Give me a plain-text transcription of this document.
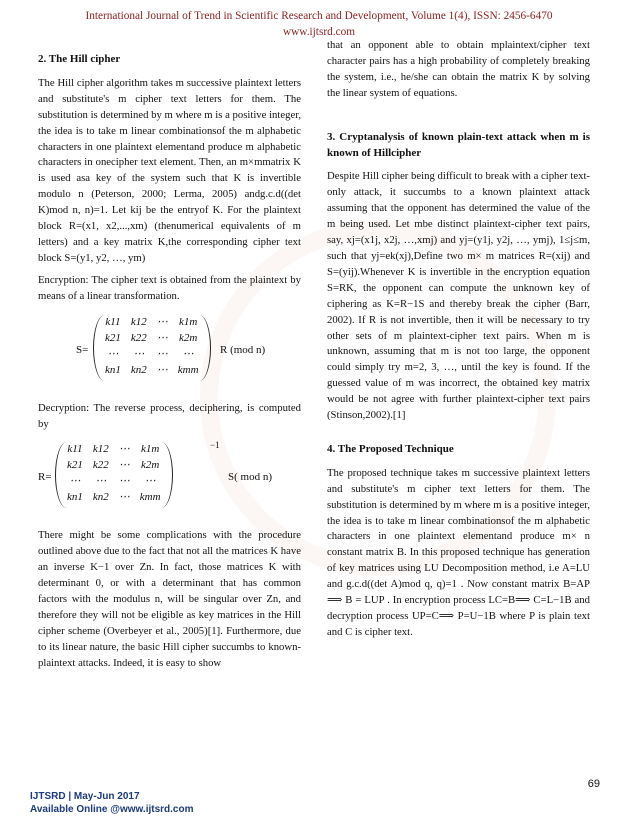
International Journal of Trend in Scientific Research and Development, Volume 1(4), ISSN: 2456-6470
www.ijtsrd.com
2. The Hill cipher

The Hill cipher algorithm takes m successive plaintext letters and substitute's m cipher text letters for them. The substitution is determined by m where m is a positive integer, the idea is to take m linear combinationsof the m alphabetic characters in one plaintext elementand produce m alphabetic characters in onecipher text element. Then, an m×mmatrix K is used asa key of the system such that K is invertible modulo n (Peterson, 2000; Lerma, 2005) andg.c.d((det K)mod n, n)=1. Let kij be the entryof K. For the plaintext block R=(x1, x2,...,xm) (thenumerical equivalents of m letters) and a key matrix K,the corresponding cipher text block S=(y1, y2, …, ym)

Encryption: The cipher text is obtained from the plaintext by means of a linear transformation.

S=
k11	k12	⋯	k1m
k21	k22	⋯	k2m
⋯	⋯	⋯	⋯
kn1	kn2	⋯	kmm
R (mod n)

Decryption: The reverse process, deciphering, is computed by

R=
k11	k12	⋯	k1m
k21	k22	⋯	k2m
⋯	⋯	⋯	⋯
kn1	kn2	⋯	kmm
−1
S( mod n)

There might be some complications with the procedure outlined above due to the fact that not all the matrices K have an inverse K−1 over Zn. In fact, those matrices K with determinant 0, or with a determinant that has common factors with the modulus n, will be singular over Zn, and therefore they will not be eligible as key matrices in the Hill cipher scheme (Overbeyer et al., 2005)[1]. Furthermore, due to its linear nature, the basic Hill cipher succumbs to known-plaintext attacks. Indeed, it is easy to show

that an opponent able to obtain mplaintext/cipher text character pairs has a high probability of completely breaking the system, i.e., he/she can obtain the matrix K by solving the linear system of equations.

3. Cryptanalysis of known plain-text attack when m is known of Hillcipher

Despite Hill cipher being difficult to break with a cipher text-only attack, it succumbs to a known plaintext attack assuming that the opponent has determined the value of the m being used. Let mbe distinct plaintext-cipher text pairs, say, xj=(x1j, x2j, …,xmj) and yj=(y1j, y2j, …, ymj), 1≤j≤m, such that yj=ek(xj),Define two m× m matrices R=(xij) and S=(yij).Whenever K is invertible in the encryption equation S=RK, the opponent can compute the unknown key of ciphering as K=R−1S and thereby break the cipher (Barr, 2002). If R is not invertible, then it will be necessary to try other sets of m plaintext-cipher text pairs. When m is unknown, assuming that m is not too large, the opponent could simply try m=2, 3, …, until the key is found. If the guessed value of m was incorrect, the obtained key matrix would be not agree with further plaintext-cipher text pairs (Stinson,2002).[1]

4. The Proposed Technique

The proposed technique takes m successive plaintext letters and substitute's m cipher text letters for them. The substitution is determined by m where m is a positive integer, the idea is to take m linear combinationsof the m alphabetic characters in one plaintext elementand produce m× n constant matrix B. In this proposed technique has generation of key matrices using LU Decomposition method, i.e A=LU and g.c.d((det A)mod q, q)=1 . Now constant matrix B=AP ⟹ B = LUP . In encryption process LC=B⟹ C=L−1B and decryption process UP=C⟹ P=U−1B where P is plain text and C is cipher text.

69
IJTSRD | May-Jun 2017
Available Online @www.ijtsrd.com
